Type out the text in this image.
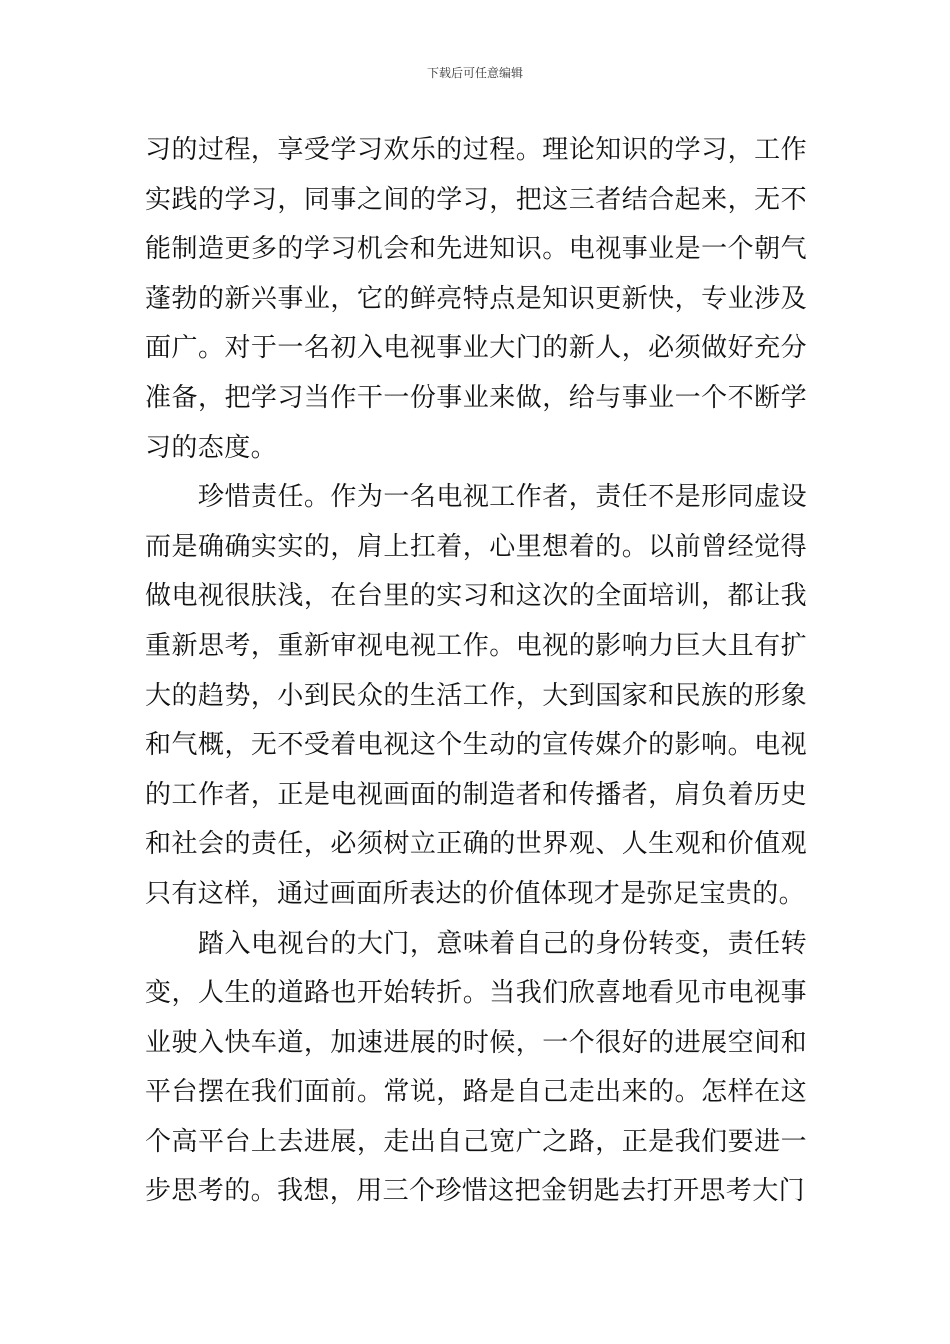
下载后可任意编辑

习的过程，享受学习欢乐的过程。理论知识的学习，工作实践的学习，同事之间的学习，把这三者结合起来，无不能制造更多的学习机会和先进知识。电视事业是一个朝气蓬勃的新兴事业，它的鲜亮特点是知识更新快，专业涉及面广。对于一名初入电视事业大门的新人，必须做好充分准备，把学习当作干一份事业来做，给与事业一个不断学习的态度。

珍惜责任。作为一名电视工作者，责任不是形同虚设而是确确实实的，肩上扛着，心里想着的。以前曾经觉得做电视很肤浅，在台里的实习和这次的全面培训，都让我重新思考，重新审视电视工作。电视的影响力巨大且有扩大的趋势，小到民众的生活工作，大到国家和民族的形象和气概，无不受着电视这个生动的宣传媒介的影响。电视的工作者，正是电视画面的制造者和传播者，肩负着历史和社会的责任，必须树立正确的世界观、人生观和价值观只有这样，通过画面所表达的价值体现才是弥足宝贵的。

踏入电视台的大门，意味着自己的身份转变，责任转变，人生的道路也开始转折。当我们欣喜地看见市电视事业驶入快车道，加速进展的时候，一个很好的进展空间和平台摆在我们面前。常说，路是自己走出来的。怎样在这个高平台上去进展，走出自己宽广之路，正是我们要进一步思考的。我想，用三个珍惜这把金钥匙去打开思考大门
